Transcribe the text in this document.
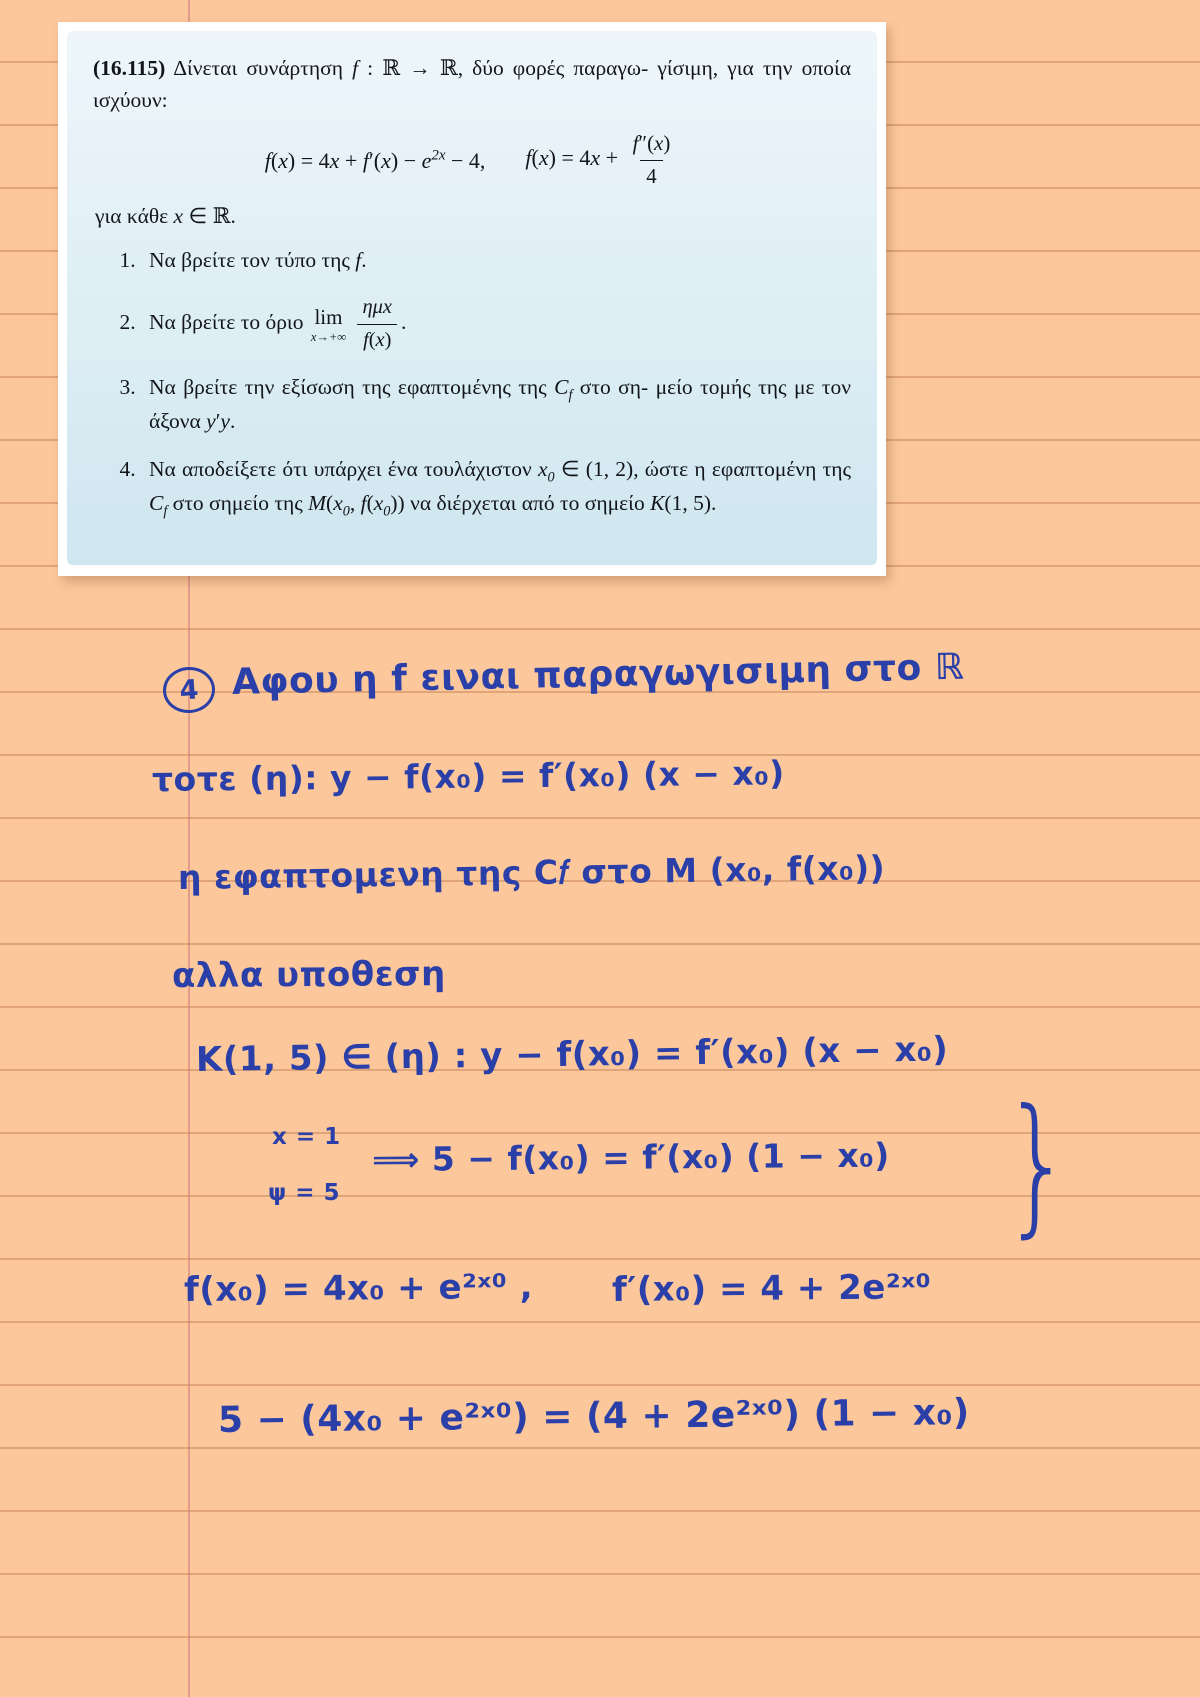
(16.115) Δίνεται συνάρτηση f : ℝ → ℝ, δύο φορές παραγω- γίσιμη, για την οποία ισχύουν:

$f(x) = 4x + f'(x) - e^{2x} - 4$, $f(x) = 4x + \frac{f''(x)}{4}$

για κάθε x ∈ ℝ.

1. Να βρείτε τον τύπο της f.
2. Να βρείτε το όριο lim
x→+∞
$\frac{\text{ημx}}{f(x)}$ .
3. Να βρείτε την εξίσωση της εφαπτομένης της $C_f$ στο ση- μείο τομής της με τον άξονα y′y.
4. Να αποδείξετε ότι υπάρχει ένα τουλάχιστον $x_0$ ∈ (1, 2), ώστε η εφαπτομένη της $C_f$ στο σημείο της $M(x_0$, $f(x_0)$) να διέρχεται από το σημείο K(1, 5).
4 Αφου η f ειναι παραγωγισιμη στο ℝ
τοτε (η): y − f(x₀) = f′(x₀) (x − x₀)
η εφαπτομενη της C𝑓 στο M (x₀, f(x₀))
αλλα υποθεση
K(1, 5) ∈ (η) : y − f(x₀) = f′(x₀) (x − x₀)
x = 1
ψ = 5
⟹ 5 − f(x₀) = f′(x₀) (1 − x₀)
f(x₀) = 4x₀ + e²ˣ⁰ , f′(x₀) = 4 + 2e²ˣ⁰
}
5 − (4x₀ + e²ˣ⁰) = (4 + 2e²ˣ⁰) (1 − x₀)
